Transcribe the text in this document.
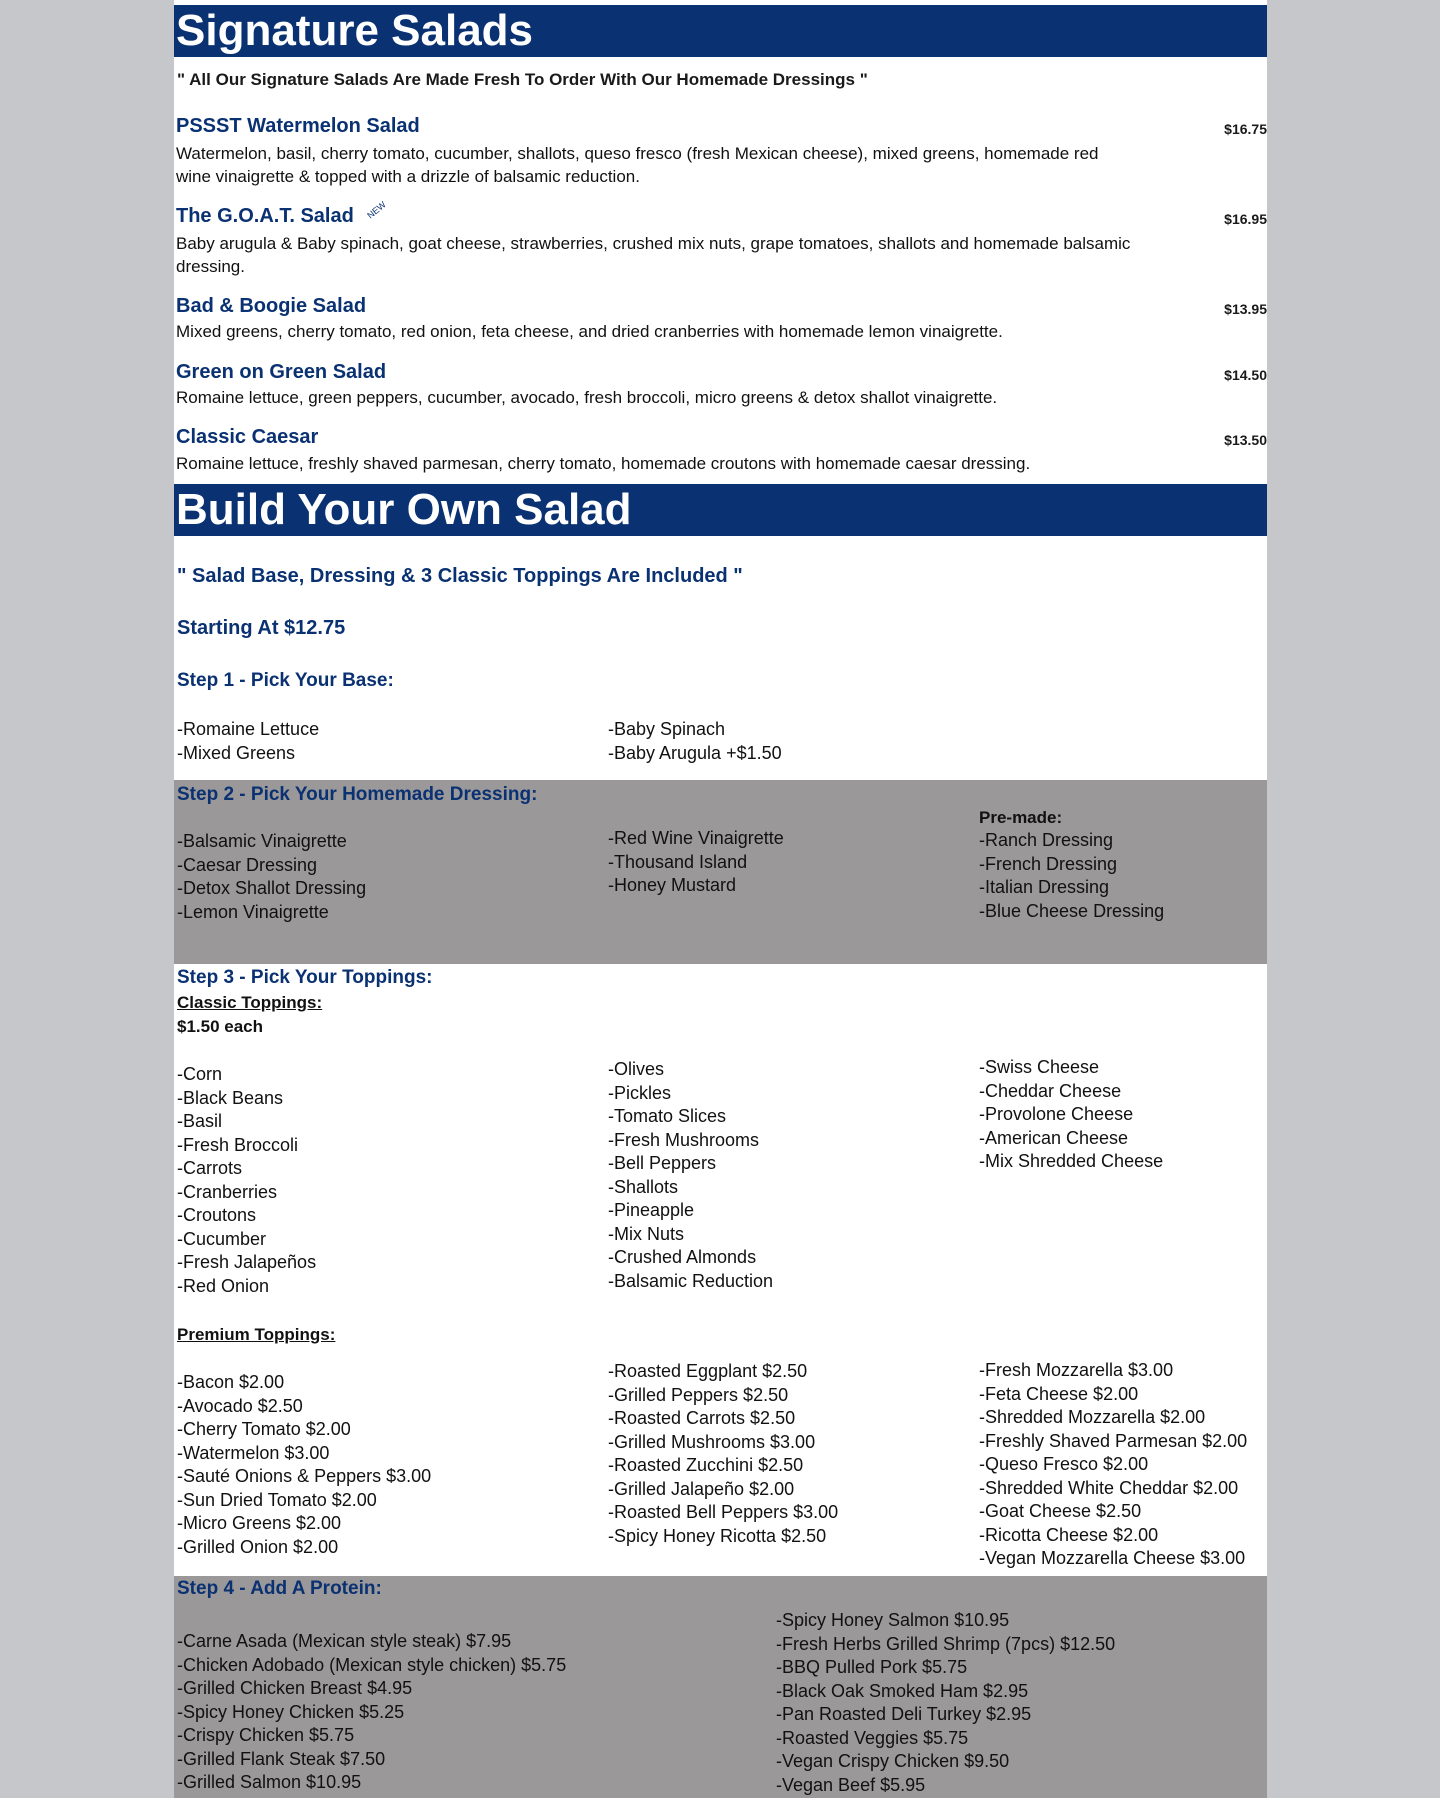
Signature Salads
" All Our Signature Salads Are Made Fresh To Order With Our Homemade Dressings "
PSSST Watermelon Salad	$16.75
Watermelon, basil, cherry tomato, cucumber, shallots, queso fresco (fresh Mexican cheese), mixed greens, homemade red wine vinaigrette & topped with a drizzle of balsamic reduction.
The G.O.A.T. Salad NEW	$16.95
Baby arugula & Baby spinach, goat cheese, strawberries, crushed mix nuts, grape tomatoes, shallots and homemade balsamic dressing.
Bad & Boogie Salad	$13.95
Mixed greens, cherry tomato, red onion, feta cheese, and dried cranberries with homemade lemon vinaigrette.
Green on Green Salad	$14.50
Romaine lettuce, green peppers, cucumber, avocado, fresh broccoli, micro greens & detox shallot vinaigrette.
Classic Caesar	$13.50
Romaine lettuce, freshly shaved parmesan, cherry tomato, homemade croutons with homemade caesar dressing.
Build Your Own Salad
" Salad Base, Dressing & 3 Classic Toppings Are Included "
Starting At $12.75
Step 1 - Pick Your Base:
-Romaine Lettuce
-Mixed Greens
-Baby Spinach
-Baby Arugula +$1.50
Step 2 - Pick Your Homemade Dressing:
-Balsamic Vinaigrette
-Caesar Dressing
-Detox Shallot Dressing
-Lemon Vinaigrette
-Red Wine Vinaigrette
-Thousand Island
-Honey Mustard
Pre-made:
-Ranch Dressing
-French Dressing
-Italian Dressing
-Blue Cheese Dressing
Step 3 - Pick Your Toppings:
Classic Toppings:
$1.50 each
-Corn
-Black Beans
-Basil
-Fresh Broccoli
-Carrots
-Cranberries
-Croutons
-Cucumber
-Fresh Jalapeños
-Red Onion
-Olives
-Pickles
-Tomato Slices
-Fresh Mushrooms
-Bell Peppers
-Shallots
-Pineapple
-Mix Nuts
-Crushed Almonds
-Balsamic Reduction
-Swiss Cheese
-Cheddar Cheese
-Provolone Cheese
-American Cheese
-Mix Shredded Cheese
Premium Toppings:
-Bacon $2.00
-Avocado $2.50
-Cherry Tomato $2.00
-Watermelon $3.00
-Sauté Onions & Peppers $3.00
-Sun Dried Tomato $2.00
-Micro Greens $2.00
-Grilled Onion $2.00
-Roasted Eggplant $2.50
-Grilled Peppers $2.50
-Roasted Carrots $2.50
-Grilled Mushrooms $3.00
-Roasted Zucchini $2.50
-Grilled Jalapeño $2.00
-Roasted Bell Peppers $3.00
-Spicy Honey Ricotta $2.50
-Fresh Mozzarella $3.00
-Feta Cheese $2.00
-Shredded Mozzarella $2.00
-Freshly Shaved Parmesan $2.00
-Queso Fresco $2.00
-Shredded White Cheddar $2.00
-Goat Cheese $2.50
-Ricotta Cheese $2.00
-Vegan Mozzarella Cheese $3.00
Step 4 - Add A Protein:
-Carne Asada (Mexican style steak) $7.95
-Chicken Adobado (Mexican style chicken) $5.75
-Grilled Chicken Breast $4.95
-Spicy Honey Chicken $5.25
-Crispy Chicken $5.75
-Grilled Flank Steak $7.50
-Grilled Salmon $10.95
-Spicy Honey Salmon $10.95
-Fresh Herbs Grilled Shrimp (7pcs) $12.50
-BBQ Pulled Pork $5.75
-Black Oak Smoked Ham $2.95
-Pan Roasted Deli Turkey $2.95
-Roasted Veggies $5.75
-Vegan Crispy Chicken $9.50
-Vegan Beef $5.95
